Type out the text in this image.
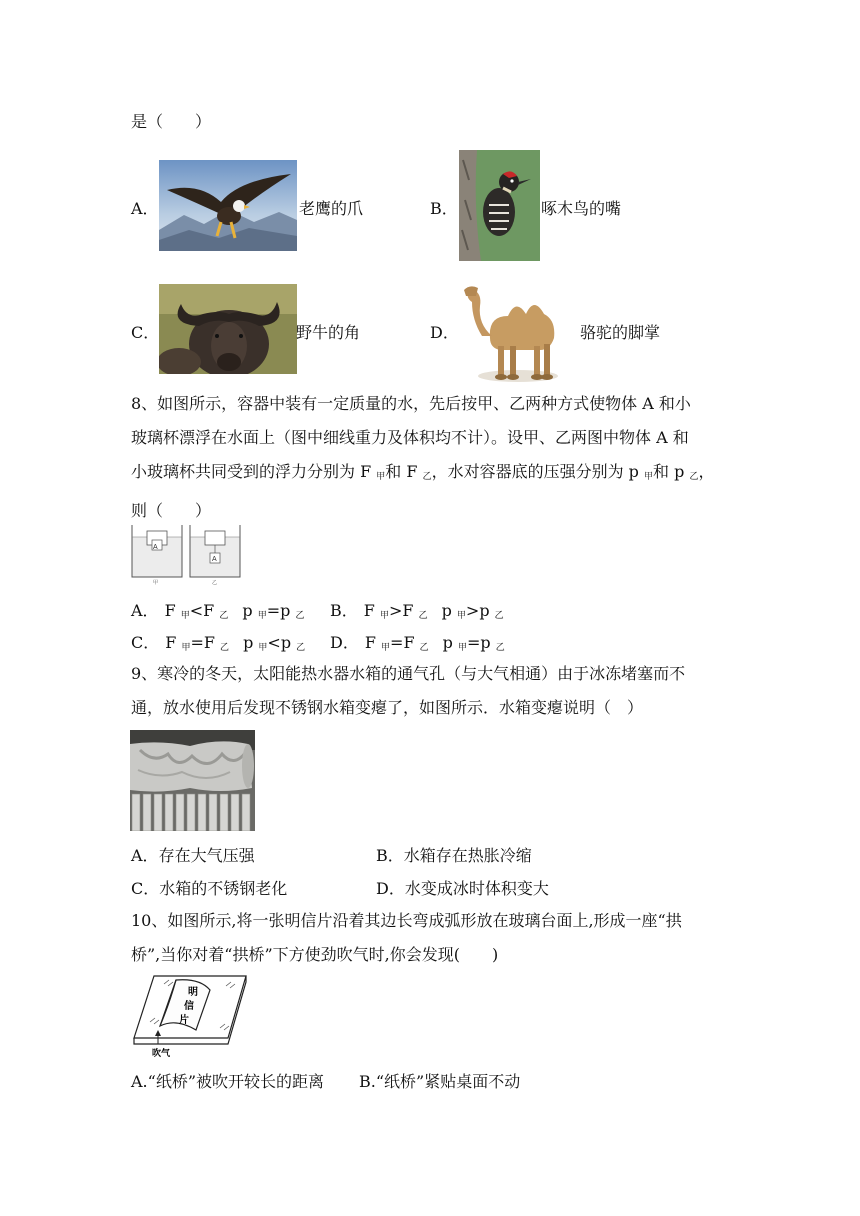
是（　　）
A．	老鹰的爪	B．	啄木鸟的嘴
C．	野牛的角	D．	骆驼的脚掌
8、如图所示，容器中装有一定质量的水，先后按甲、乙两种方式使物体 A 和小
玻璃杯漂浮在水面上（图中细线重力及体积均不计）。设甲、乙两图中物体 A 和
小玻璃杯共同受到的浮力分别为 F $_甲$和 F $_乙$，水对容器底的压强分别为 p $_甲$和 p $_乙$，
则（　　）
A
A
甲	乙
A． F $_甲$<F $_乙$ p $_甲$=p $_乙$ B． F $_甲$>F $_乙$ p $_甲$>p $_乙$
C． F $_甲$=F $_乙$ p $_甲$<p $_乙$ D． F $_甲$=F $_乙$ p $_甲$=p $_乙$
9、寒冷的冬天，太阳能热水器水箱的通气孔（与大气相通）由于冰冻堵塞而不
通，放水使用后发现不锈钢水箱变瘪了，如图所示．水箱变瘪说明（　）
A．存在大气压强	B．水箱存在热胀冷缩
C．水箱的不锈钢老化	D．水变成冰时体积变大
10、如图所示,将一张明信片沿着其边长弯成弧形放在玻璃台面上,形成一座“拱
桥”,当你对着“拱桥”下方使劲吹气时,你会发现(　　)
明
信
片
吹气
A.“纸桥”被吹开较长的距离 B.“纸桥”紧贴桌面不动
